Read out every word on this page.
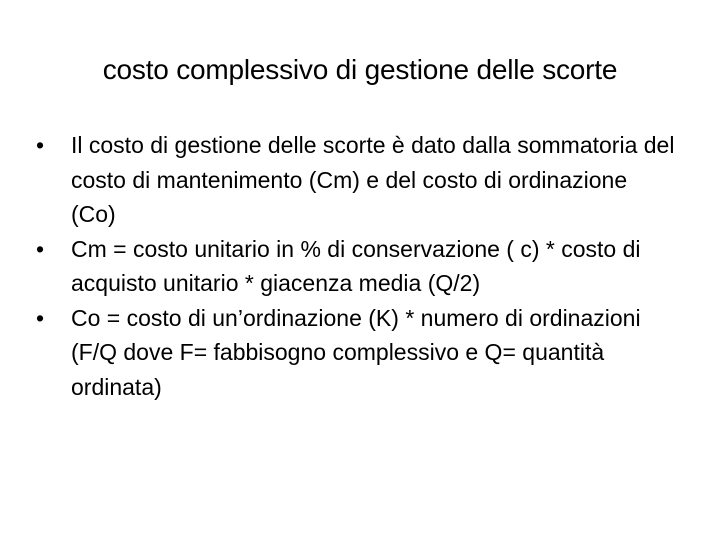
costo complessivo di gestione delle scorte
•	Il costo di gestione delle scorte è dato dalla sommatoria del costo di mantenimento (Cm) e del costo di ordinazione (Co)
•	Cm = costo unitario in % di conservazione ( c) * costo di acquisto unitario * giacenza media (Q/2)
•	Co = costo di un’ordinazione (K) * numero di ordinazioni (F/Q dove F= fabbisogno complessivo e Q= quantità ordinata)
